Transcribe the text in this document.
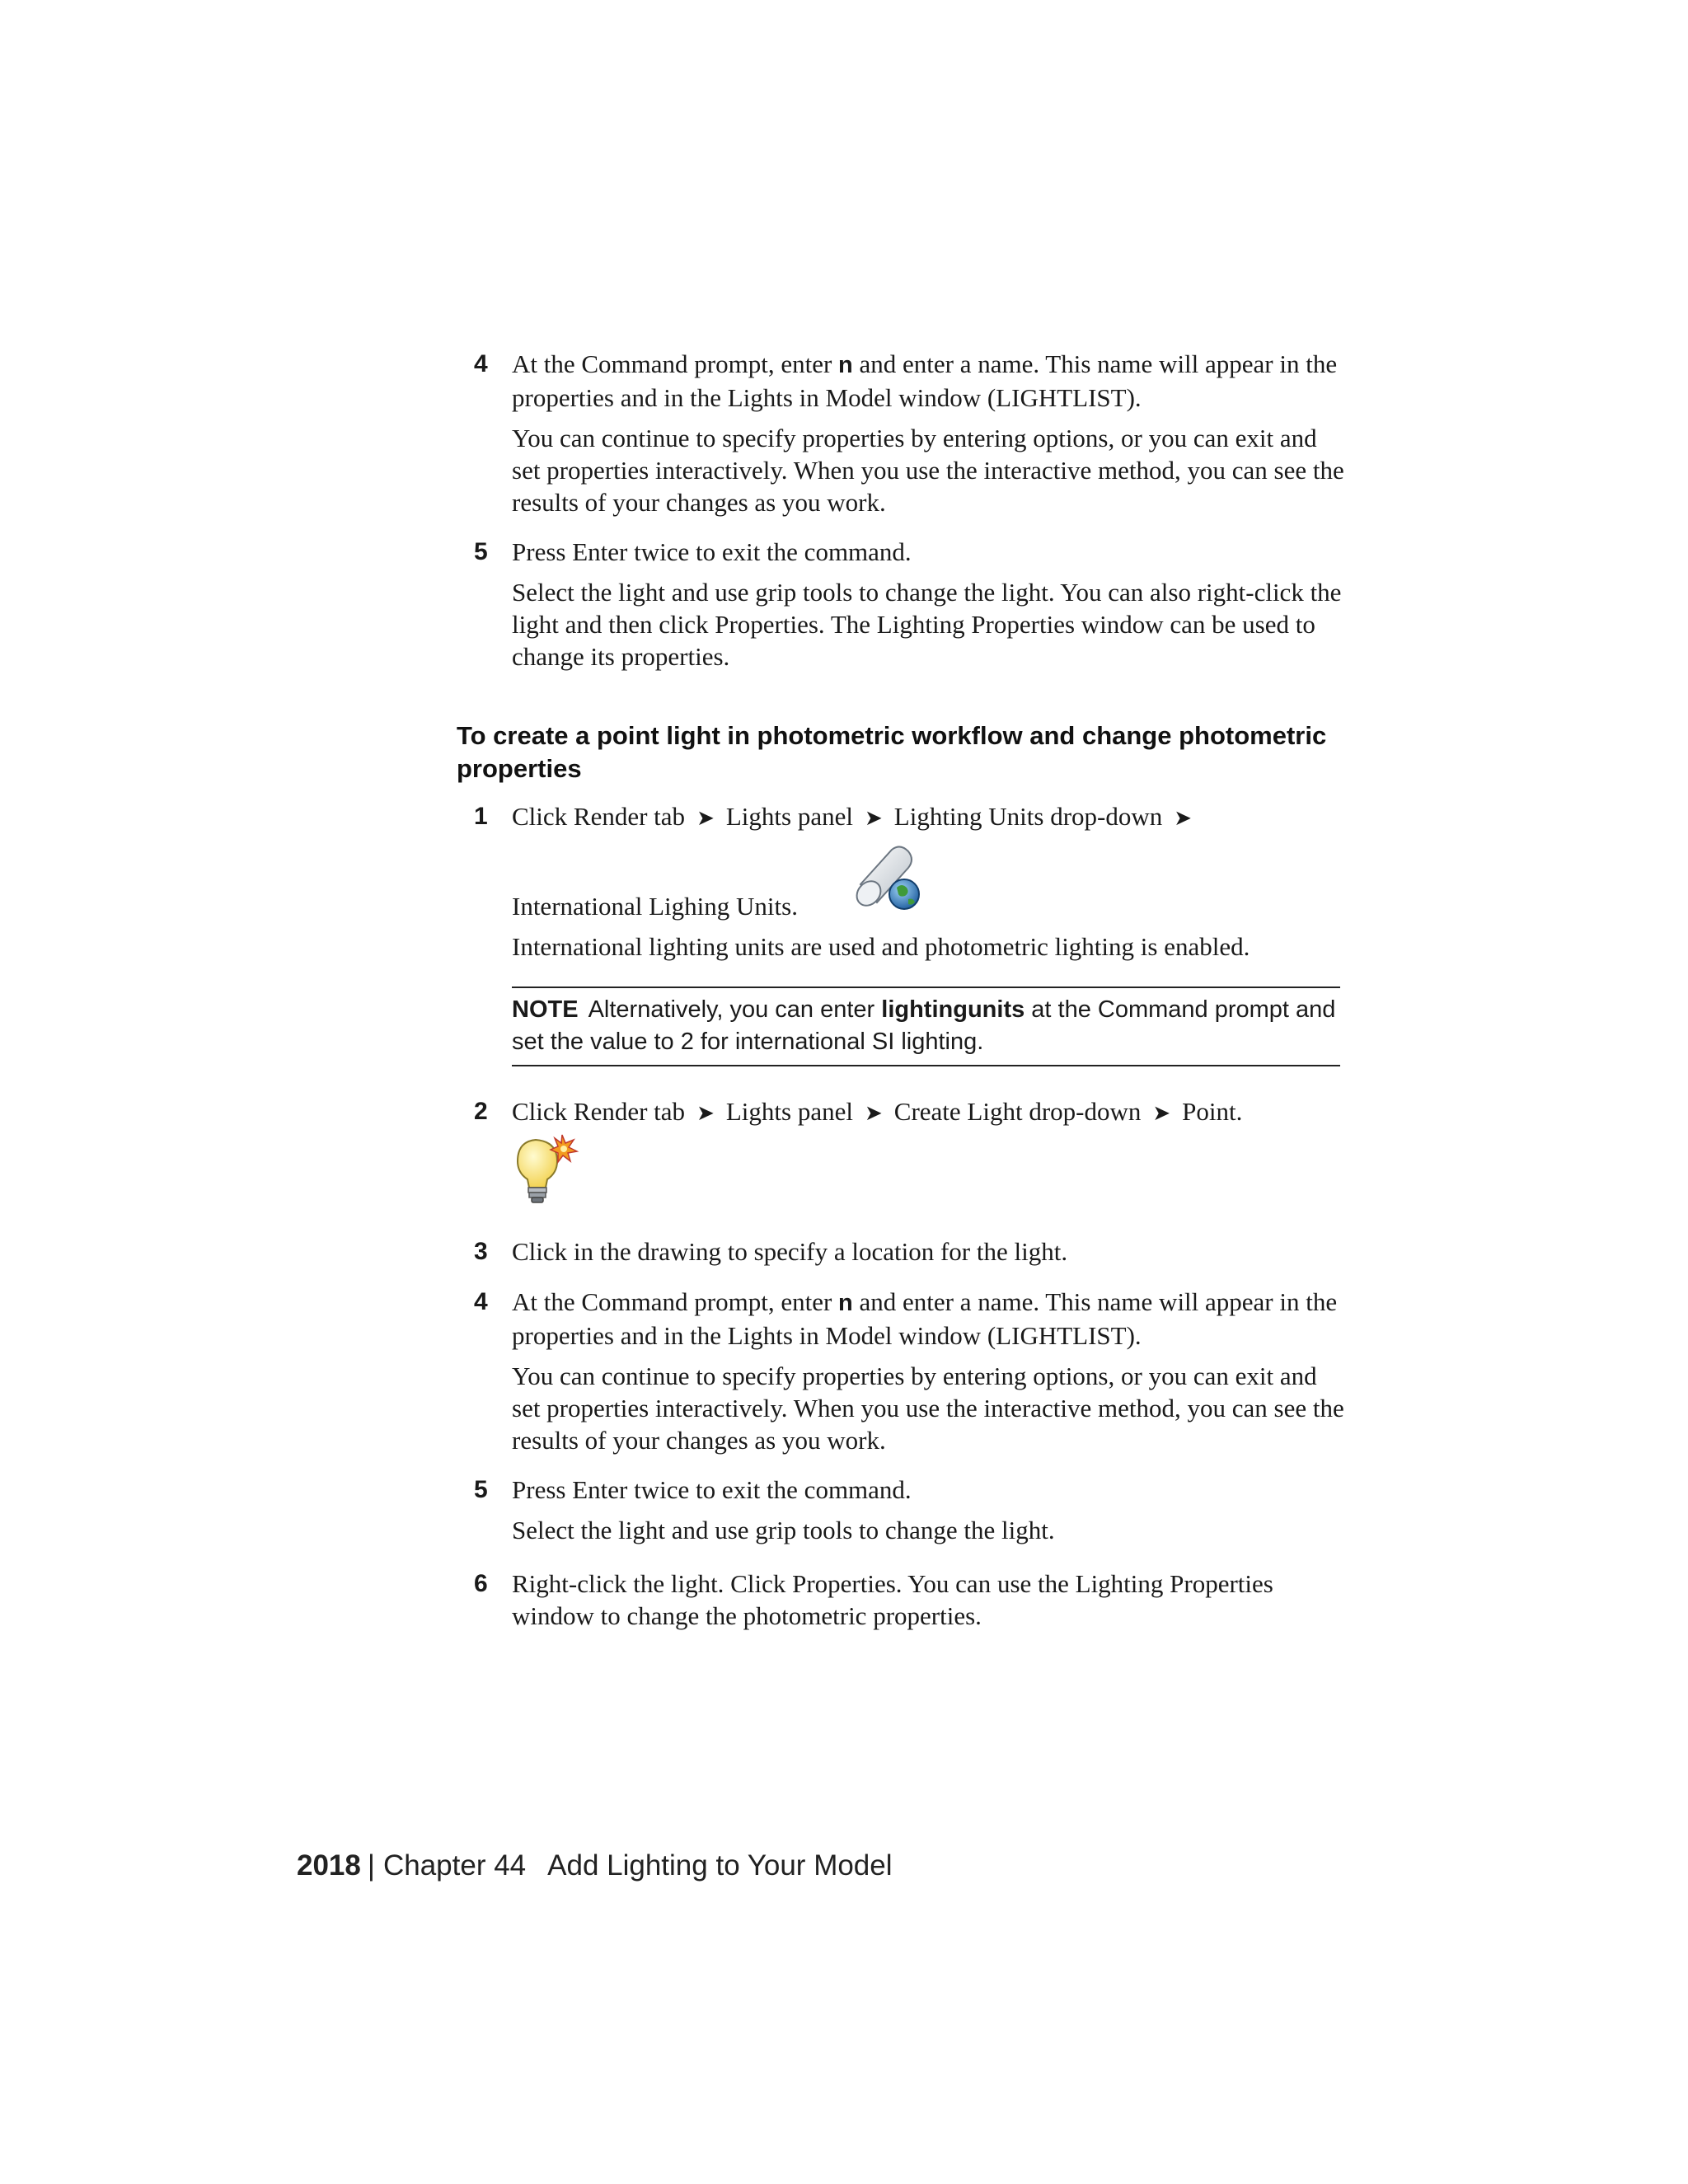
4 At the Command prompt, enter n and enter a name. This name will appear in the properties and in the Lights in Model window (LIGHTLIST).

You can continue to specify properties by entering options, or you can exit and set properties interactively. When you use the interactive method, you can see the results of your changes as you work.

5 Press Enter twice to exit the command.

Select the light and use grip tools to change the light. You can also right-click the light and then click Properties. The Lighting Properties window can be used to change its properties.

To create a point light in photometric workflow and change photometric properties
1 Click Render tab ➤ Lights panel ➤ Lighting Units drop-down ➤

International Lighing Units.

International lighting units are used and photometric lighting is enabled.

NOTE Alternatively, you can enter lightingunits at the Command prompt and set the value to 2 for international SI lighting.
2 Click Render tab ➤ Lights panel ➤ Create Light drop-down ➤ Point.

3 Click in the drawing to specify a location for the light.

4 At the Command prompt, enter n and enter a name. This name will appear in the properties and in the Lights in Model window (LIGHTLIST).

You can continue to specify properties by entering options, or you can exit and set properties interactively. When you use the interactive method, you can see the results of your changes as you work.

5 Press Enter twice to exit the command.

Select the light and use grip tools to change the light.

6 Right-click the light. Click Properties. You can use the Lighting Properties window to change the photometric properties.

2018 | Chapter 44 Add Lighting to Your Model
